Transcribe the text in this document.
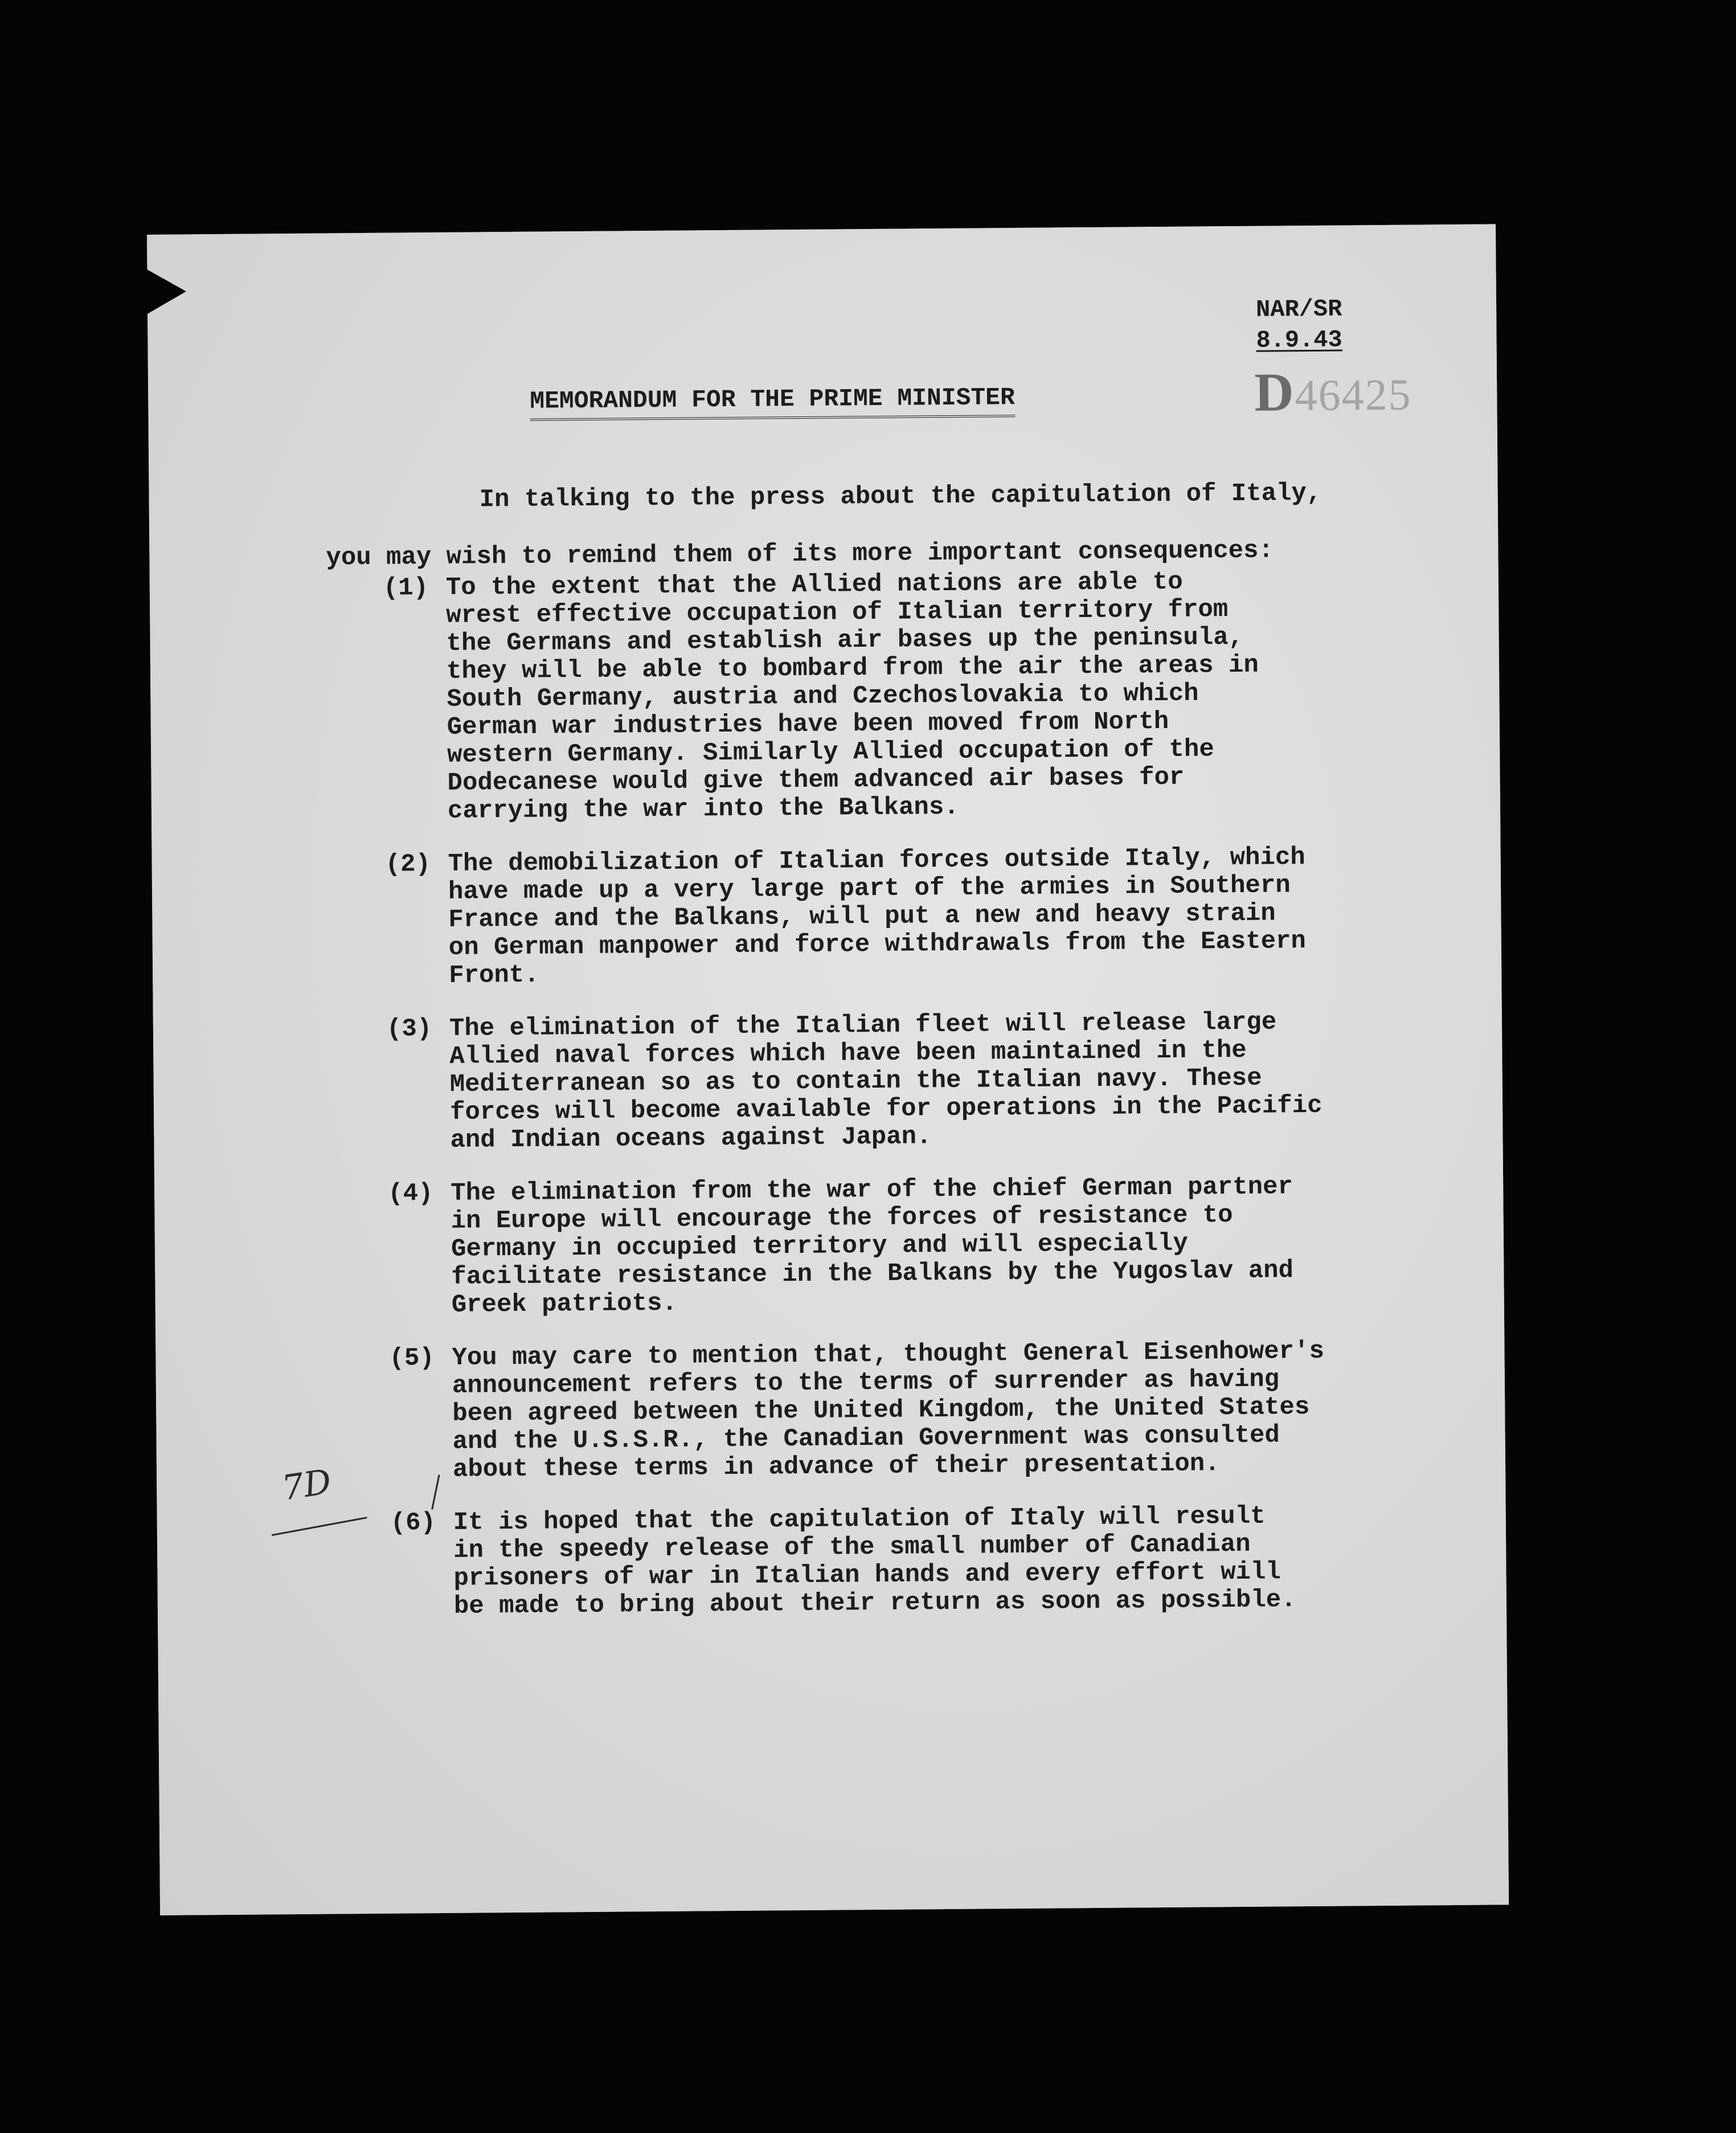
NAR/SR
8.9.43
D46425
MEMORANDUM FOR THE PRIME MINISTER
In talking to the press about the capitulation of Italy,
you may wish to remind them of its more important consequences:
(1) To the extent that the Allied nations are able to
wrest effective occupation of Italian territory from
the Germans and establish air bases up the peninsula,
they will be able to bombard from the air the areas in
South Germany, austria and Czechoslovakia to which
German war industries have been moved from North
western Germany. Similarly Allied occupation of the
Dodecanese would give them advanced air bases for
carrying the war into the Balkans.
(2) The demobilization of Italian forces outside Italy, which
have made up a very large part of the armies in Southern
France and the Balkans, will put a new and heavy strain
on German manpower and force withdrawals from the Eastern
Front.
(3) The elimination of the Italian fleet will release large
Allied naval forces which have been maintained in the
Mediterranean so as to contain the Italian navy. These
forces will become available for operations in the Pacific
and Indian oceans against Japan.
(4) The elimination from the war of the chief German partner
in Europe will encourage the forces of resistance to
Germany in occupied territory and will especially
facilitate resistance in the Balkans by the Yugoslav and
Greek patriots.
(5) You may care to mention that, thought General Eisenhower's
announcement refers to the terms of surrender as having
been agreed between the United Kingdom, the United States
and the U.S.S.R., the Canadian Government was consulted
about these terms in advance of their presentation.
(6) It is hoped that the capitulation of Italy will result
in the speedy release of the small number of Canadian
prisoners of war in Italian hands and every effort will
be made to bring about their return as soon as possible.
7D
